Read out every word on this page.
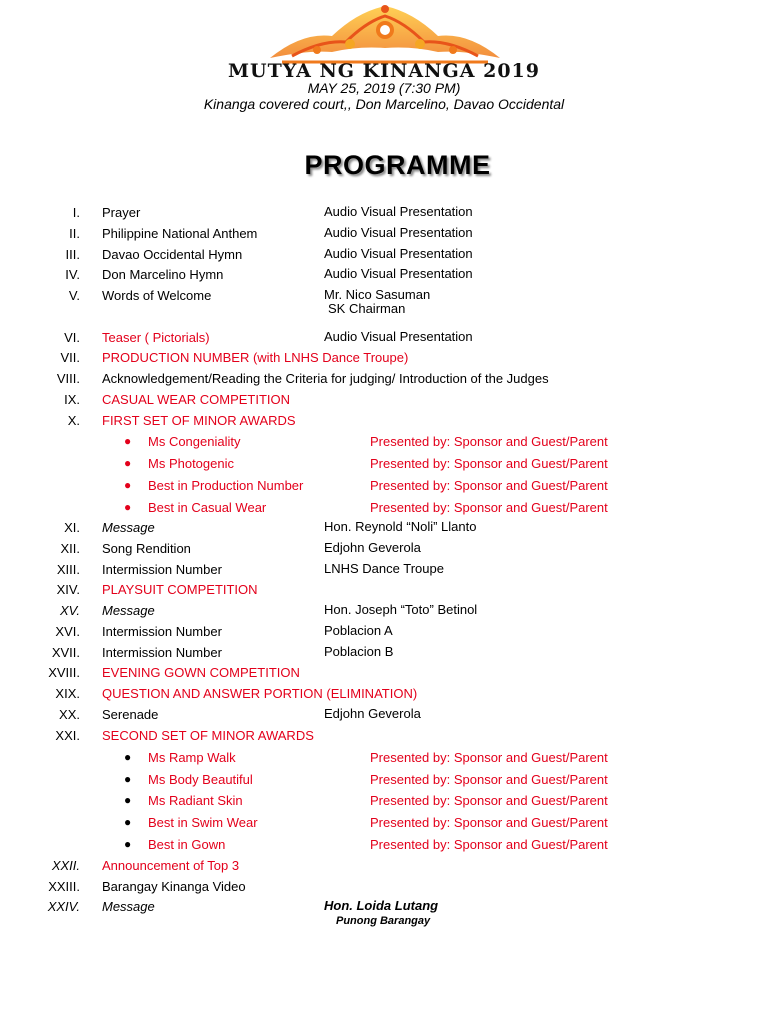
MUTYA NG KINANGA 2019
MAY 25, 2019 (7:30 PM)
Kinanga covered court,, Don Marcelino, Davao Occidental
PROGRAMME
I. Prayer	Audio Visual Presentation
II. Philippine National Anthem	Audio Visual Presentation
III. Davao Occidental Hymn	Audio Visual Presentation
IV. Don Marcelino Hymn	Audio Visual Presentation
V. Words of Welcome	Mr. Nico Sasuman
SK Chairman
VI. Teaser ( Pictorials)	Audio Visual Presentation
VII. PRODUCTION NUMBER (with LNHS Dance Troupe)
VIII. Acknowledgement/Reading the Criteria for judging/ Introduction of the Judges
IX. CASUAL WEAR COMPETITION
X. FIRST SET OF MINOR AWARDS
● Ms Congeniality	Presented by: Sponsor and Guest/Parent
● Ms Photogenic	Presented by: Sponsor and Guest/Parent
● Best in Production Number	Presented by: Sponsor and Guest/Parent
● Best in Casual Wear	Presented by: Sponsor and Guest/Parent
XI. Message	Hon. Reynold “Noli” Llanto
XII. Song Rendition	Edjohn Geverola
XIII. Intermission Number	LNHS Dance Troupe
XIV. PLAYSUIT COMPETITION
XV. Message	Hon. Joseph “Toto” Betinol
XVI. Intermission Number	Poblacion A
XVII. Intermission Number	Poblacion B
XVIII. EVENING GOWN COMPETITION
XIX. QUESTION AND ANSWER PORTION (ELIMINATION)
XX. Serenade	Edjohn Geverola
XXI. SECOND SET OF MINOR AWARDS
● Ms Ramp Walk	Presented by: Sponsor and Guest/Parent
● Ms Body Beautiful	Presented by: Sponsor and Guest/Parent
● Ms Radiant Skin	Presented by: Sponsor and Guest/Parent
● Best in Swim Wear	Presented by: Sponsor and Guest/Parent
● Best in Gown	Presented by: Sponsor and Guest/Parent
XXII. Announcement of Top 3
XXIII. Barangay Kinanga Video
XXIV. Message	Hon. Loida Lutang
Punong Barangay
